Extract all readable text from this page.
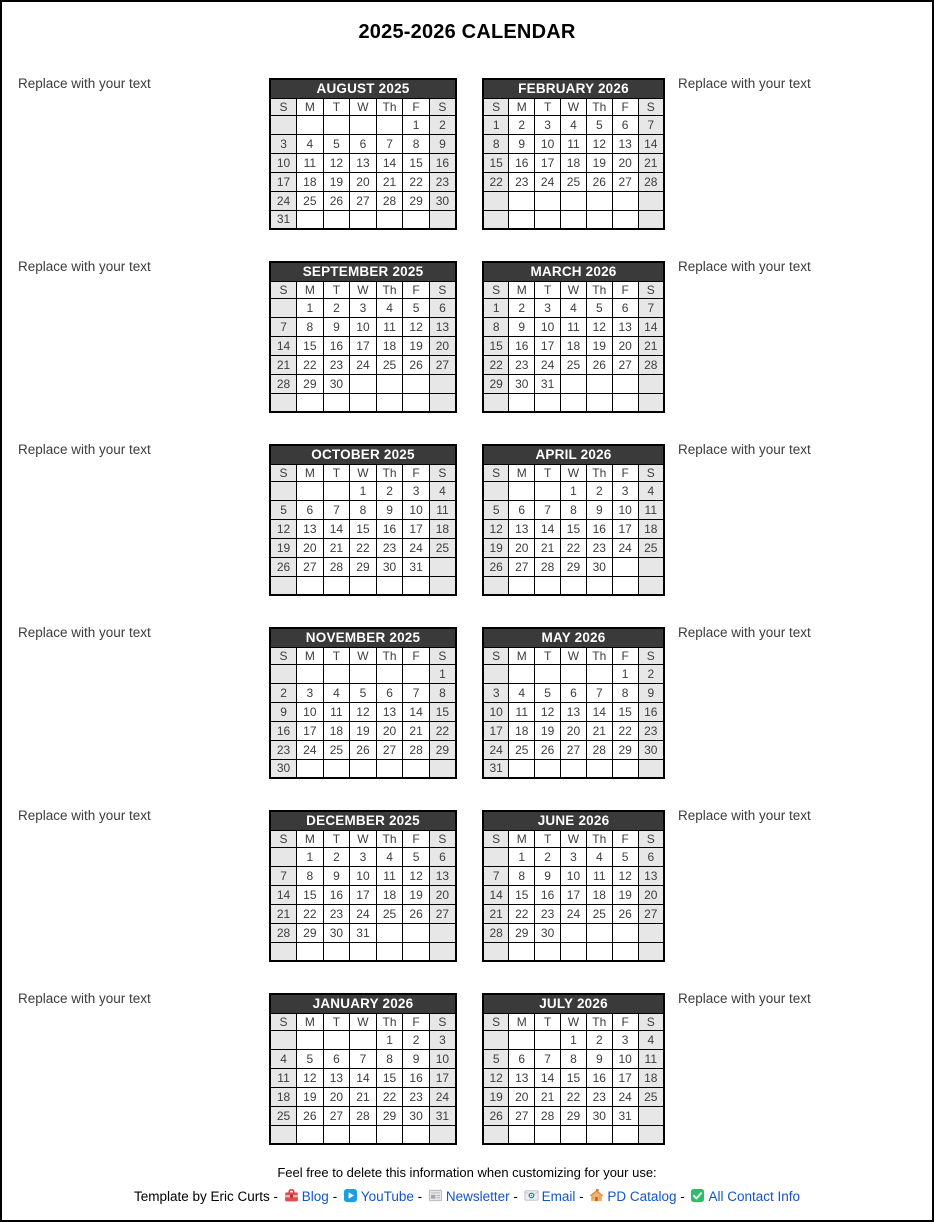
2025-2026 CALENDAR
Replace with your text	AUGUST 2025						
S	M	T	W	Th	F	S
					1	2
3	4	5	6	7	8	9
10	11	12	13	14	15	16
17	18	19	20	21	22	23
24	25	26	27	28	29	30
31						
FEBRUARY 2026						
S	M	T	W	Th	F	S
1	2	3	4	5	6	7
8	9	10	11	12	13	14
15	16	17	18	19	20	21
22	23	24	25	26	27	28

Replace with your text
Replace with your text	SEPTEMBER 2025						
S	M	T	W	Th	F	S
	1	2	3	4	5	6
7	8	9	10	11	12	13
14	15	16	17	18	19	20
21	22	23	24	25	26	27
28	29	30				

MARCH 2026						
S	M	T	W	Th	F	S
1	2	3	4	5	6	7
8	9	10	11	12	13	14
15	16	17	18	19	20	21
22	23	24	25	26	27	28
29	30	31				

Replace with your text
Replace with your text	OCTOBER 2025						
S	M	T	W	Th	F	S
			1	2	3	4
5	6	7	8	9	10	11
12	13	14	15	16	17	18
19	20	21	22	23	24	25
26	27	28	29	30	31	

APRIL 2026						
S	M	T	W	Th	F	S
			1	2	3	4
5	6	7	8	9	10	11
12	13	14	15	16	17	18
19	20	21	22	23	24	25
26	27	28	29	30		

Replace with your text
Replace with your text	NOVEMBER 2025						
S	M	T	W	Th	F	S
						1
2	3	4	5	6	7	8
9	10	11	12	13	14	15
16	17	18	19	20	21	22
23	24	25	26	27	28	29
30						
MAY 2026						
S	M	T	W	Th	F	S
					1	2
3	4	5	6	7	8	9
10	11	12	13	14	15	16
17	18	19	20	21	22	23
24	25	26	27	28	29	30
31						
Replace with your text
Replace with your text	DECEMBER 2025						
S	M	T	W	Th	F	S
	1	2	3	4	5	6
7	8	9	10	11	12	13
14	15	16	17	18	19	20
21	22	23	24	25	26	27
28	29	30	31			

JUNE 2026						
S	M	T	W	Th	F	S
	1	2	3	4	5	6
7	8	9	10	11	12	13
14	15	16	17	18	19	20
21	22	23	24	25	26	27
28	29	30				

Replace with your text
Replace with your text	JANUARY 2026						
S	M	T	W	Th	F	S
				1	2	3
4	5	6	7	8	9	10
11	12	13	14	15	16	17
18	19	20	21	22	23	24
25	26	27	28	29	30	31

JULY 2026						
S	M	T	W	Th	F	S
			1	2	3	4
5	6	7	8	9	10	11
12	13	14	15	16	17	18
19	20	21	22	23	24	25
26	27	28	29	30	31	

Replace with your text
Feel free to delete this information when customizing for your use:
Template by Eric Curts - Blog - YouTube - Newsletter - Email - PD Catalog - All Contact Info
